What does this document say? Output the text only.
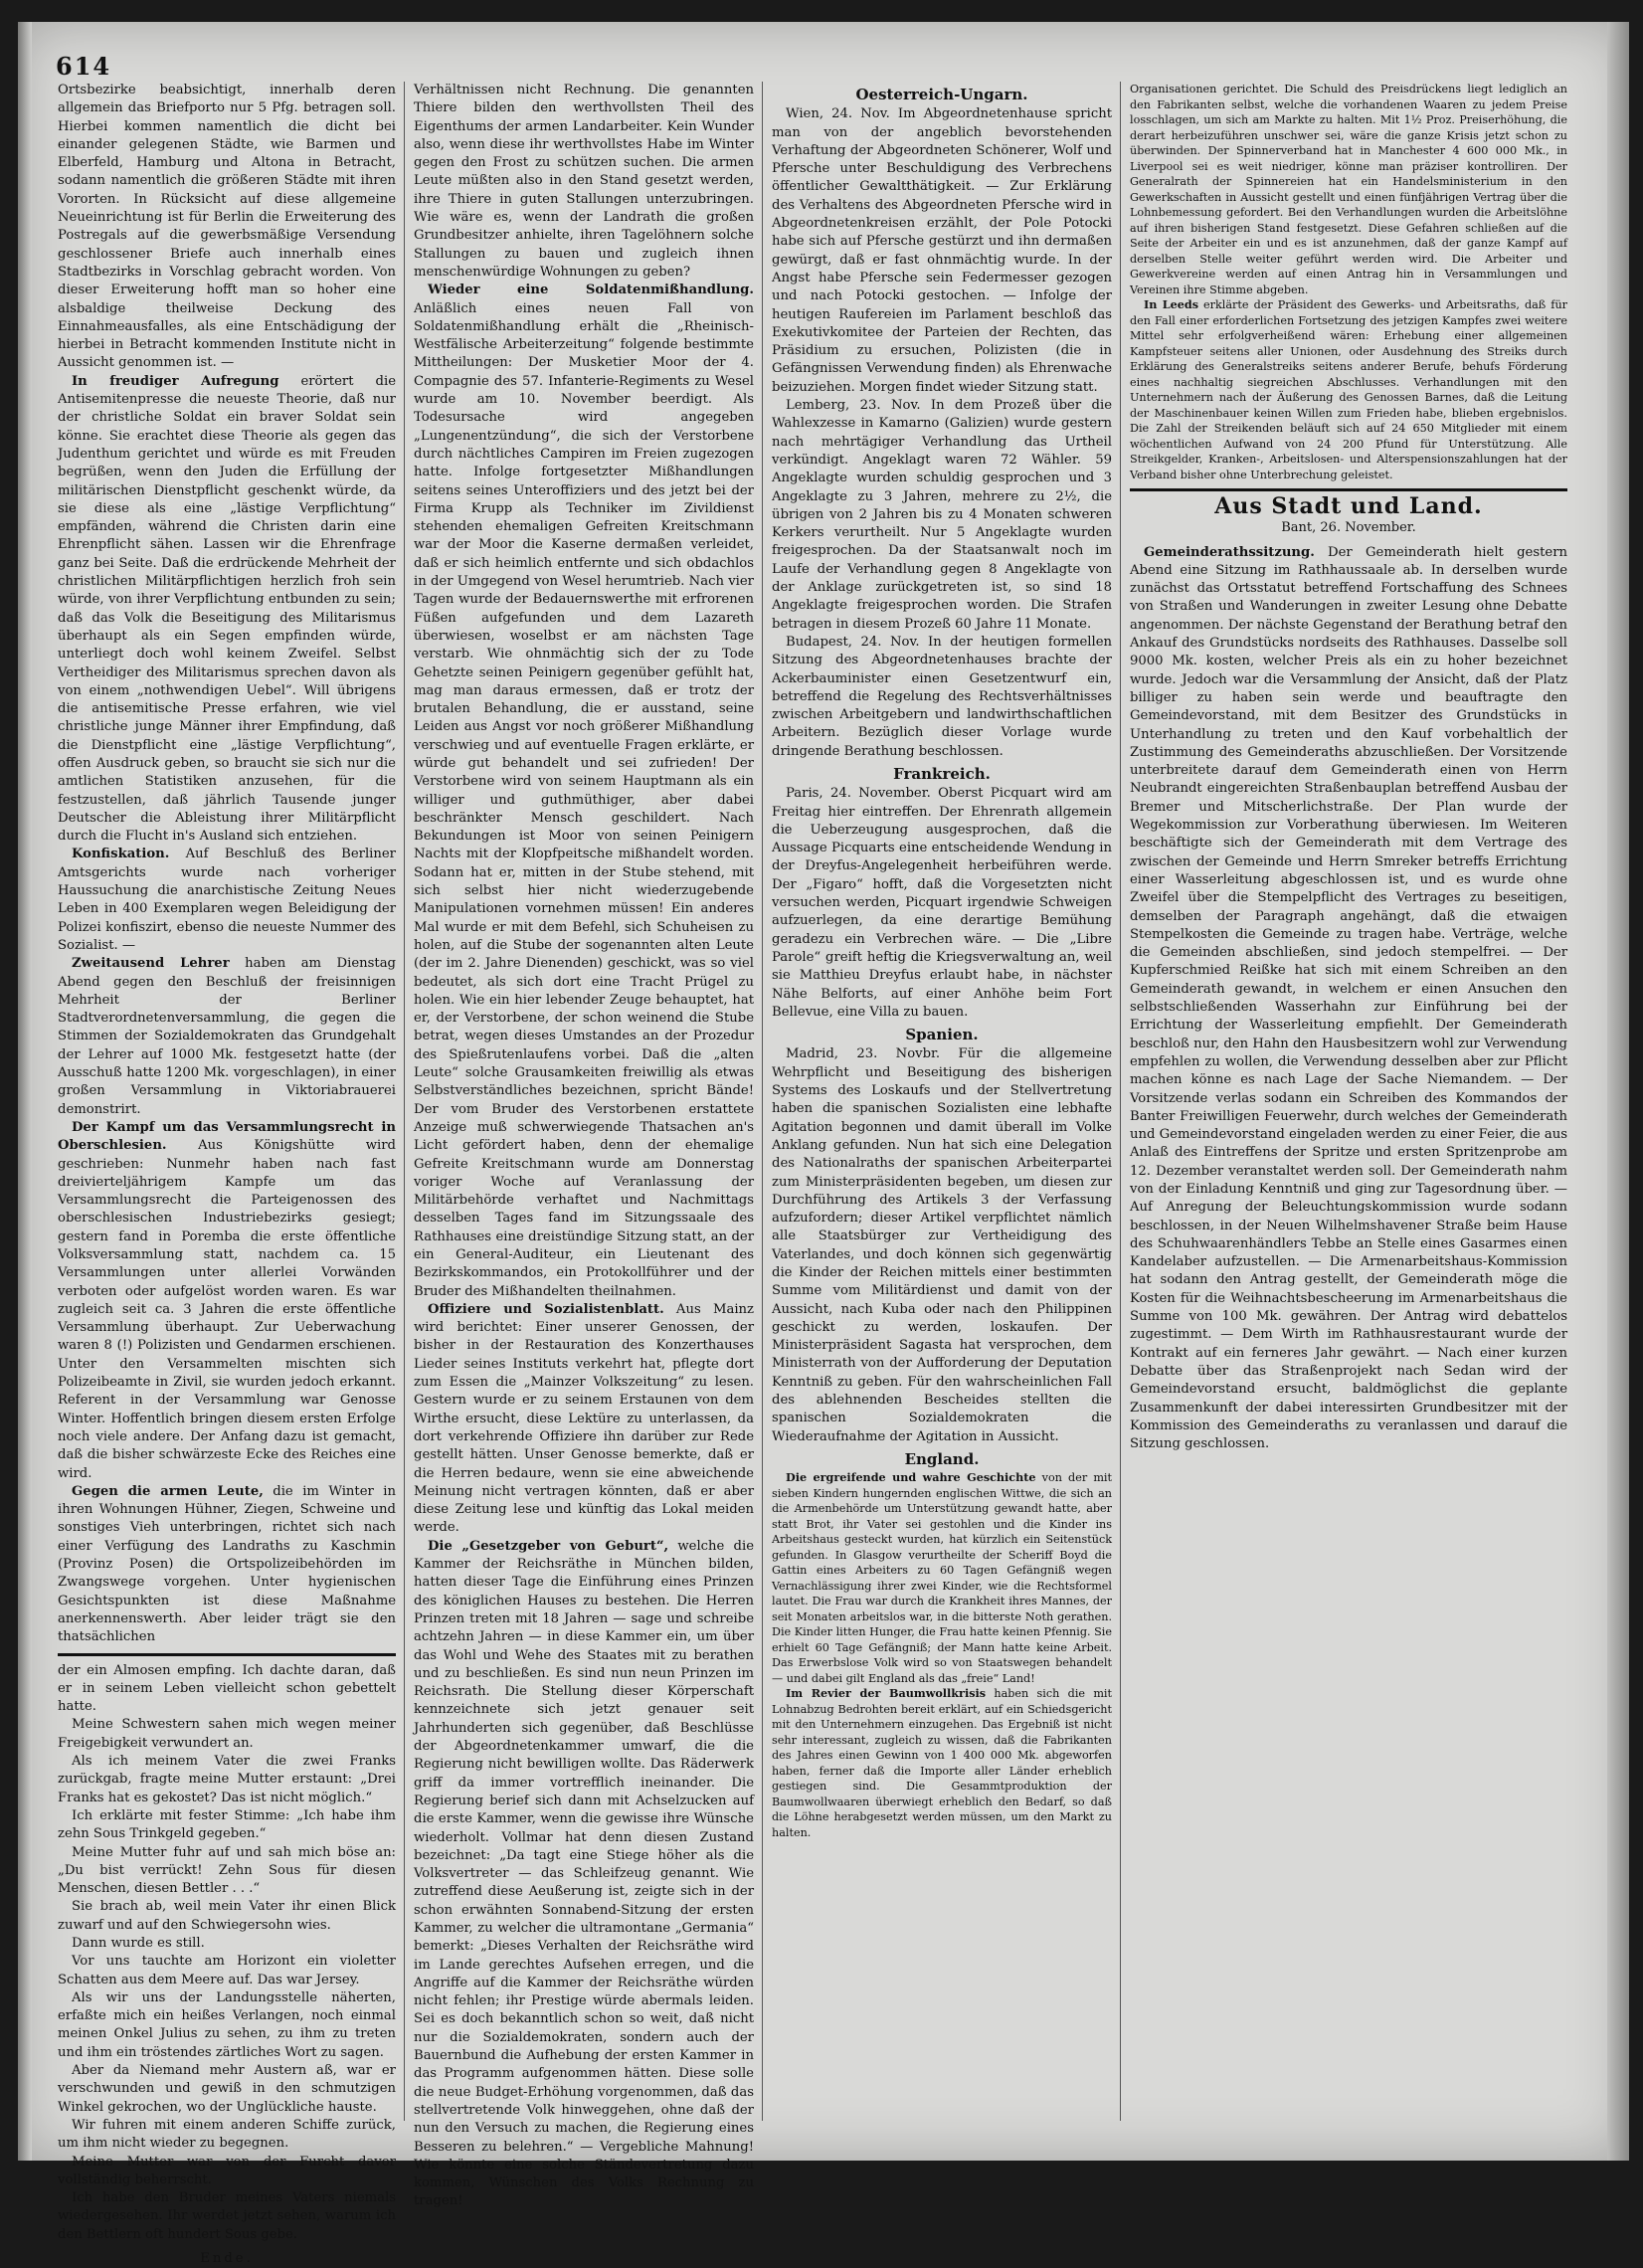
614

Ortsbezirke beabsichtigt, innerhalb deren allgemein das Briefporto nur 5 Pfg. betragen soll. Hierbei kommen namentlich die dicht bei einander gelegenen Städte, wie Barmen und Elberfeld, Hamburg und Altona in Betracht, sodann namentlich die größeren Städte mit ihren Vororten. In Rücksicht auf diese allgemeine Neueinrichtung ist für Berlin die Erweiterung des Postregals auf die gewerbsmäßige Versendung geschlossener Briefe auch innerhalb eines Stadtbezirks in Vorschlag gebracht worden. Von dieser Erweiterung hofft man so hoher eine alsbaldige theilweise Deckung des Einnahmeausfalles, als eine Entschädigung der hierbei in Betracht kommenden Institute nicht in Aussicht genommen ist. —

In freudiger Aufregung erörtert die Antisemitenpresse die neueste Theorie, daß nur der christliche Soldat ein braver Soldat sein könne. Sie erachtet diese Theorie als gegen das Judenthum gerichtet und würde es mit Freuden begrüßen, wenn den Juden die Erfüllung der militärischen Dienstpflicht geschenkt würde, da sie diese als eine „lästige Verpflichtung“ empfänden, während die Christen darin eine Ehrenpflicht sähen. Lassen wir die Ehrenfrage ganz bei Seite. Daß die erdrückende Mehrheit der christlichen Militärpflichtigen herzlich froh sein würde, von ihrer Verpflichtung entbunden zu sein; daß das Volk die Beseitigung des Militarismus überhaupt als ein Segen empfinden würde, unterliegt doch wohl keinem Zweifel. Selbst Vertheidiger des Militarismus sprechen davon als von einem „nothwendigen Uebel“. Will übrigens die antisemitische Presse erfahren, wie viel christliche junge Männer ihrer Empfindung, daß die Dienstpflicht eine „lästige Verpflichtung“, offen Ausdruck geben, so braucht sie sich nur die amtlichen Statistiken anzusehen, für die festzustellen, daß jährlich Tausende junger Deutscher die Ableistung ihrer Militärpflicht durch die Flucht in's Ausland sich entziehen.

Konfiskation. Auf Beschluß des Berliner Amtsgerichts wurde nach vorheriger Haussuchung die anarchistische Zeitung Neues Leben in 400 Exemplaren wegen Beleidigung der Polizei konfiszirt, ebenso die neueste Nummer des Sozialist. —

Zweitausend Lehrer haben am Dienstag Abend gegen den Beschluß der freisinnigen Mehrheit der Berliner Stadtverordnetenversammlung, die gegen die Stimmen der Sozialdemokraten das Grundgehalt der Lehrer auf 1000 Mk. festgesetzt hatte (der Ausschuß hatte 1200 Mk. vorgeschlagen), in einer großen Versammlung in Viktoriabrauerei demonstrirt.

Der Kampf um das Versammlungsrecht in Oberschlesien. Aus Königshütte wird geschrieben: Nunmehr haben nach fast dreivierteljährigem Kampfe um das Versammlungsrecht die Parteigenossen des oberschlesischen Industriebezirks gesiegt; gestern fand in Poremba die erste öffentliche Volksversammlung statt, nachdem ca. 15 Versammlungen unter allerlei Vorwänden verboten oder aufgelöst worden waren. Es war zugleich seit ca. 3 Jahren die erste öffentliche Versammlung überhaupt. Zur Ueberwachung waren 8 (!) Polizisten und Gendarmen erschienen. Unter den Versammelten mischten sich Polizeibeamte in Zivil, sie wurden jedoch erkannt. Referent in der Versammlung war Genosse Winter. Hoffentlich bringen diesem ersten Erfolge noch viele andere. Der Anfang dazu ist gemacht, daß die bisher schwärzeste Ecke des Reiches eine wird.

Gegen die armen Leute, die im Winter in ihren Wohnungen Hühner, Ziegen, Schweine und sonstiges Vieh unterbringen, richtet sich nach einer Verfügung des Landraths zu Kaschmin (Provinz Posen) die Ortspolizeibehörden im Zwangswege vorgehen. Unter hygienischen Gesichtspunkten ist diese Maßnahme anerkennenswerth. Aber leider trägt sie den thatsächlichen

der ein Almosen empfing. Ich dachte daran, daß er in seinem Leben vielleicht schon gebettelt hatte.

Meine Schwestern sahen mich wegen meiner Freigebigkeit verwundert an.

Als ich meinem Vater die zwei Franks zurückgab, fragte meine Mutter erstaunt: „Drei Franks hat es gekostet? Das ist nicht möglich.“

Ich erklärte mit fester Stimme: „Ich habe ihm zehn Sous Trinkgeld gegeben.“

Meine Mutter fuhr auf und sah mich böse an: „Du bist verrückt! Zehn Sous für diesen Menschen, diesen Bettler . . .“

Sie brach ab, weil mein Vater ihr einen Blick zuwarf und auf den Schwiegersohn wies.

Dann wurde es still.

Vor uns tauchte am Horizont ein violetter Schatten aus dem Meere auf. Das war Jersey.

Als wir uns der Landungsstelle näherten, erfaßte mich ein heißes Verlangen, noch einmal meinen Onkel Julius zu sehen, zu ihm zu treten und ihm ein tröstendes zärtliches Wort zu sagen.

Aber da Niemand mehr Austern aß, war er verschwunden und gewiß in den schmutzigen Winkel gekrochen, wo der Unglückliche hauste.

Wir fuhren mit einem anderen Schiffe zurück, um ihm nicht wieder zu begegnen.

Meine Mutter war von der Furcht davor vollständig beherrscht.

Ich habe den Bruder meines Vaters niemals wiedergesehen. Ihr werdet jetzt sehen, warum ich den Bettlern oft hundert Sous gebe.

Ende.

Verhältnissen nicht Rechnung. Die genannten Thiere bilden den werthvollsten Theil des Eigenthums der armen Landarbeiter. Kein Wunder also, wenn diese ihr werthvollstes Habe im Winter gegen den Frost zu schützen suchen. Die armen Leute müßten also in den Stand gesetzt werden, ihre Thiere in guten Stallungen unterzubringen. Wie wäre es, wenn der Landrath die großen Grundbesitzer anhielte, ihren Tagelöhnern solche Stallungen zu bauen und zugleich ihnen menschenwürdige Wohnungen zu geben?

Wieder eine Soldatenmißhandlung. Anläßlich eines neuen Fall von Soldatenmißhandlung erhält die „Rheinisch-Westfälische Arbeiterzeitung“ folgende bestimmte Mittheilungen: Der Musketier Moor der 4. Compagnie des 57. Infanterie-Regiments zu Wesel wurde am 10. November beerdigt. Als Todesursache wird angegeben „Lungenentzündung“, die sich der Verstorbene durch nächtliches Campiren im Freien zugezogen hatte. Infolge fortgesetzter Mißhandlungen seitens seines Unteroffiziers und des jetzt bei der Firma Krupp als Techniker im Zivildienst stehenden ehemaligen Gefreiten Kreitschmann war der Moor die Kaserne dermaßen verleidet, daß er sich heimlich entfernte und sich obdachlos in der Umgegend von Wesel herumtrieb. Nach vier Tagen wurde der Bedauernswerthe mit erfrorenen Füßen aufgefunden und dem Lazareth überwiesen, woselbst er am nächsten Tage verstarb. Wie ohnmächtig sich der zu Tode Gehetzte seinen Peinigern gegenüber gefühlt hat, mag man daraus ermessen, daß er trotz der brutalen Behandlung, die er ausstand, seine Leiden aus Angst vor noch größerer Mißhandlung verschwieg und auf eventuelle Fragen erklärte, er würde gut behandelt und sei zufrieden! Der Verstorbene wird von seinem Hauptmann als ein williger und guthmüthiger, aber dabei beschränkter Mensch geschildert. Nach Bekundungen ist Moor von seinen Peinigern Nachts mit der Klopfpeitsche mißhandelt worden. Sodann hat er, mitten in der Stube stehend, mit sich selbst hier nicht wiederzugebende Manipulationen vornehmen müssen! Ein anderes Mal wurde er mit dem Befehl, sich Schuheisen zu holen, auf die Stube der sogenannten alten Leute (der im 2. Jahre Dienenden) geschickt, was so viel bedeutet, als sich dort eine Tracht Prügel zu holen. Wie ein hier lebender Zeuge behauptet, hat er, der Verstorbene, der schon weinend die Stube betrat, wegen dieses Umstandes an der Prozedur des Spießrutenlaufens vorbei. Daß die „alten Leute“ solche Grausamkeiten freiwillig als etwas Selbstverständliches bezeichnen, spricht Bände! Der vom Bruder des Verstorbenen erstattete Anzeige muß schwerwiegende Thatsachen an's Licht gefördert haben, denn der ehemalige Gefreite Kreitschmann wurde am Donnerstag voriger Woche auf Veranlassung der Militärbehörde verhaftet und Nachmittags desselben Tages fand im Sitzungssaale des Rathhauses eine dreistündige Sitzung statt, an der ein General-Auditeur, ein Lieutenant des Bezirkskommandos, ein Protokollführer und der Bruder des Mißhandelten theilnahmen.

Offiziere und Sozialistenblatt. Aus Mainz wird berichtet: Einer unserer Genossen, der bisher in der Restauration des Konzerthauses Lieder seines Instituts verkehrt hat, pflegte dort zum Essen die „Mainzer Volkszeitung“ zu lesen. Gestern wurde er zu seinem Erstaunen von dem Wirthe ersucht, diese Lektüre zu unterlassen, da dort verkehrende Offiziere ihn darüber zur Rede gestellt hätten. Unser Genosse bemerkte, daß er die Herren bedaure, wenn sie eine abweichende Meinung nicht vertragen könnten, daß er aber diese Zeitung lese und künftig das Lokal meiden werde.

Die „Gesetzgeber von Geburt“, welche die Kammer der Reichsräthe in München bilden, hatten dieser Tage die Einführung eines Prinzen des königlichen Hauses zu bestehen. Die Herren Prinzen treten mit 18 Jahren — sage und schreibe achtzehn Jahren — in diese Kammer ein, um über das Wohl und Wehe des Staates mit zu berathen und zu beschließen. Es sind nun neun Prinzen im Reichsrath. Die Stellung dieser Körperschaft kennzeichnete sich jetzt genauer seit Jahrhunderten sich gegenüber, daß Beschlüsse der Abgeordnetenkammer umwarf, die die Regierung nicht bewilligen wollte. Das Räderwerk griff da immer vortrefflich ineinander. Die Regierung berief sich dann mit Achselzucken auf die erste Kammer, wenn die gewisse ihre Wünsche wiederholt. Vollmar hat denn diesen Zustand bezeichnet: „Da tagt eine Stiege höher als die Volksvertreter — das Schleifzeug genannt. Wie zutreffend diese Aeußerung ist, zeigte sich in der schon erwähnten Sonnabend-Sitzung der ersten Kammer, zu welcher die ultramontane „Germania“ bemerkt: „Dieses Verhalten der Reichsräthe wird im Lande gerechtes Aufsehen erregen, und die Angriffe auf die Kammer der Reichsräthe würden nicht fehlen; ihr Prestige würde abermals leiden. Sei es doch bekanntlich schon so weit, daß nicht nur die Sozialdemokraten, sondern auch der Bauernbund die Aufhebung der ersten Kammer in das Programm aufgenommen hätten. Diese solle die neue Budget-Erhöhung vorgenommen, daß das stellvertretende Volk hinweggehen, ohne daß der nun den Versuch zu machen, die Regierung eines Besseren zu belehren.“ — Vergebliche Mahnung! Wie könnte eine solche Ständevertretung dazu kommen, Wünschen des Volks Rechnung zu tragen!

Oesterreich-Ungarn.

Wien, 24. Nov. Im Abgeordnetenhause spricht man von der angeblich bevorstehenden Verhaftung der Abgeordneten Schönerer, Wolf und Pfersche unter Beschuldigung des Verbrechens öffentlicher Gewaltthätigkeit. — Zur Erklärung des Verhaltens des Abgeordneten Pfersche wird in Abgeordnetenkreisen erzählt, der Pole Potocki habe sich auf Pfersche gestürzt und ihn dermaßen gewürgt, daß er fast ohnmächtig wurde. In der Angst habe Pfersche sein Federmesser gezogen und nach Potocki gestochen. — Infolge der heutigen Raufereien im Parlament beschloß das Exekutivkomitee der Parteien der Rechten, das Präsidium zu ersuchen, Polizisten (die in Gefängnissen Verwendung finden) als Ehrenwache beizuziehen. Morgen findet wieder Sitzung statt.

Lemberg, 23. Nov. In dem Prozeß über die Wahlexzesse in Kamarno (Galizien) wurde gestern nach mehrtägiger Verhandlung das Urtheil verkündigt. Angeklagt waren 72 Wähler. 59 Angeklagte wurden schuldig gesprochen und 3 Angeklagte zu 3 Jahren, mehrere zu 2½, die übrigen von 2 Jahren bis zu 4 Monaten schweren Kerkers verurtheilt. Nur 5 Angeklagte wurden freigesprochen. Da der Staatsanwalt noch im Laufe der Verhandlung gegen 8 Angeklagte von der Anklage zurückgetreten ist, so sind 18 Angeklagte freigesprochen worden. Die Strafen betragen in diesem Prozeß 60 Jahre 11 Monate.

Budapest, 24. Nov. In der heutigen formellen Sitzung des Abgeordnetenhauses brachte der Ackerbauminister einen Gesetzentwurf ein, betreffend die Regelung des Rechtsverhältnisses zwischen Arbeitgebern und landwirthschaftlichen Arbeitern. Bezüglich dieser Vorlage wurde dringende Berathung beschlossen.

Frankreich.

Paris, 24. November. Oberst Picquart wird am Freitag hier eintreffen. Der Ehrenrath allgemein die Ueberzeugung ausgesprochen, daß die Aussage Picquarts eine entscheidende Wendung in der Dreyfus-Angelegenheit herbeiführen werde. Der „Figaro“ hofft, daß die Vorgesetzten nicht versuchen werden, Picquart irgendwie Schweigen aufzuerlegen, da eine derartige Bemühung geradezu ein Verbrechen wäre. — Die „Libre Parole“ greift heftig die Kriegsverwaltung an, weil sie Matthieu Dreyfus erlaubt habe, in nächster Nähe Belforts, auf einer Anhöhe beim Fort Bellevue, eine Villa zu bauen.

Spanien.

Madrid, 23. Novbr. Für die allgemeine Wehrpflicht und Beseitigung des bisherigen Systems des Loskaufs und der Stellvertretung haben die spanischen Sozialisten eine lebhafte Agitation begonnen und damit überall im Volke Anklang gefunden. Nun hat sich eine Delegation des Nationalraths der spanischen Arbeiterpartei zum Ministerpräsidenten begeben, um diesen zur Durchführung des Artikels 3 der Verfassung aufzufordern; dieser Artikel verpflichtet nämlich alle Staatsbürger zur Vertheidigung des Vaterlandes, und doch können sich gegenwärtig die Kinder der Reichen mittels einer bestimmten Summe vom Militärdienst und damit von der Aussicht, nach Kuba oder nach den Philippinen geschickt zu werden, loskaufen. Der Ministerpräsident Sagasta hat versprochen, dem Ministerrath von der Aufforderung der Deputation Kenntniß zu geben. Für den wahrscheinlichen Fall des ablehnenden Bescheides stellten die spanischen Sozialdemokraten die Wiederaufnahme der Agitation in Aussicht.

England.

Die ergreifende und wahre Geschichte von der mit sieben Kindern hungernden englischen Wittwe, die sich an die Armenbehörde um Unterstützung gewandt hatte, aber statt Brot, ihr Vater sei gestohlen und die Kinder ins Arbeitshaus gesteckt wurden, hat kürzlich ein Seitenstück gefunden. In Glasgow verurtheilte der Scheriff Boyd die Gattin eines Arbeiters zu 60 Tagen Gefängniß wegen Vernachlässigung ihrer zwei Kinder, wie die Rechtsformel lautet. Die Frau war durch die Krankheit ihres Mannes, der seit Monaten arbeitslos war, in die bitterste Noth gerathen. Die Kinder litten Hunger, die Frau hatte keinen Pfennig. Sie erhielt 60 Tage Gefängniß; der Mann hatte keine Arbeit. Das Erwerbslose Volk wird so von Staatswegen behandelt — und dabei gilt England als das „freie“ Land!

Im Revier der Baumwollkrisis haben sich die mit Lohnabzug Bedrohten bereit erklärt, auf ein Schiedsgericht mit den Unternehmern einzugehen. Das Ergebniß ist nicht sehr interessant, zugleich zu wissen, daß die Fabrikanten des Jahres einen Gewinn von 1 400 000 Mk. abgeworfen haben, ferner daß die Importe aller Länder erheblich gestiegen sind. Die Gesammtproduktion der Baumwollwaaren überwiegt erheblich den Bedarf, so daß die Löhne herabgesetzt werden müssen, um den Markt zu halten.

Organisationen gerichtet. Die Schuld des Preisdrückens liegt lediglich an den Fabrikanten selbst, welche die vorhandenen Waaren zu jedem Preise losschlagen, um sich am Markte zu halten. Mit 1½ Proz. Preiserhöhung, die derart herbeizuführen unschwer sei, wäre die ganze Krisis jetzt schon zu überwinden. Der Spinnerverband hat in Manchester 4 600 000 Mk., in Liverpool sei es weit niedriger, könne man präziser kontrolliren. Der Generalrath der Spinnereien hat ein Handelsministerium in den Gewerkschaften in Aussicht gestellt und einen fünfjährigen Vertrag über die Lohnbemessung gefordert. Bei den Verhandlungen wurden die Arbeitslöhne auf ihren bisherigen Stand festgesetzt. Diese Gefahren schließen auf die Seite der Arbeiter ein und es ist anzunehmen, daß der ganze Kampf auf derselben Stelle weiter geführt werden wird. Die Arbeiter und Gewerkvereine werden auf einen Antrag hin in Versammlungen und Vereinen ihre Stimme abgeben.

In Leeds erklärte der Präsident des Gewerks- und Arbeitsraths, daß für den Fall einer erforderlichen Fortsetzung des jetzigen Kampfes zwei weitere Mittel sehr erfolgverheißend wären: Erhebung einer allgemeinen Kampfsteuer seitens aller Unionen, oder Ausdehnung des Streiks durch Erklärung des Generalstreiks seitens anderer Berufe, behufs Förderung eines nachhaltig siegreichen Abschlusses. Verhandlungen mit den Unternehmern nach der Äußerung des Genossen Barnes, daß die Leitung der Maschinenbauer keinen Willen zum Frieden habe, blieben ergebnislos. Die Zahl der Streikenden beläuft sich auf 24 650 Mitglieder mit einem wöchentlichen Aufwand von 24 200 Pfund für Unterstützung. Alle Streikgelder, Kranken-, Arbeitslosen- und Alterspensionszahlungen hat der Verband bisher ohne Unterbrechung geleistet.

Aus Stadt und Land.
Bant, 26. November.

Gemeinderathssitzung. Der Gemeinderath hielt gestern Abend eine Sitzung im Rathhaussaale ab. In derselben wurde zunächst das Ortsstatut betreffend Fortschaffung des Schnees von Straßen und Wanderungen in zweiter Lesung ohne Debatte angenommen. Der nächste Gegenstand der Berathung betraf den Ankauf des Grundstücks nordseits des Rathhauses. Dasselbe soll 9000 Mk. kosten, welcher Preis als ein zu hoher bezeichnet wurde. Jedoch war die Versammlung der Ansicht, daß der Platz billiger zu haben sein werde und beauftragte den Gemeindevorstand, mit dem Besitzer des Grundstücks in Unterhandlung zu treten und den Kauf vorbehaltlich der Zustimmung des Gemeinderaths abzuschließen. Der Vorsitzende unterbreitete darauf dem Gemeinderath einen von Herrn Neubrandt eingereichten Straßenbauplan betreffend Ausbau der Bremer und Mitscherlichstraße. Der Plan wurde der Wegekommission zur Vorberathung überwiesen. Im Weiteren beschäftigte sich der Gemeinderath mit dem Vertrage des zwischen der Gemeinde und Herrn Smreker betreffs Errichtung einer Wasserleitung abgeschlossen ist, und es wurde ohne Zweifel über die Stempelpflicht des Vertrages zu beseitigen, demselben der Paragraph angehängt, daß die etwaigen Stempelkosten die Gemeinde zu tragen habe. Verträge, welche die Gemeinden abschließen, sind jedoch stempelfrei. — Der Kupferschmied Reißke hat sich mit einem Schreiben an den Gemeinderath gewandt, in welchem er einen Ansuchen den selbstschließenden Wasserhahn zur Einführung bei der Errichtung der Wasserleitung empfiehlt. Der Gemeinderath beschloß nur, den Hahn den Hausbesitzern wohl zur Verwendung empfehlen zu wollen, die Verwendung desselben aber zur Pflicht machen könne es nach Lage der Sache Niemandem. — Der Vorsitzende verlas sodann ein Schreiben des Kommandos der Banter Freiwilligen Feuerwehr, durch welches der Gemeinderath und Gemeindevorstand eingeladen werden zu einer Feier, die aus Anlaß des Eintreffens der Spritze und ersten Spritzenprobe am 12. Dezember veranstaltet werden soll. Der Gemeinderath nahm von der Einladung Kenntniß und ging zur Tagesordnung über. — Auf Anregung der Beleuchtungskommission wurde sodann beschlossen, in der Neuen Wilhelmshavener Straße beim Hause des Schuhwaarenhändlers Tebbe an Stelle eines Gasarmes einen Kandelaber aufzustellen. — Die Armenarbeitshaus-Kommission hat sodann den Antrag gestellt, der Gemeinderath möge die Kosten für die Weihnachtsbescheerung im Armenarbeitshaus die Summe von 100 Mk. gewähren. Der Antrag wird debattelos zugestimmt. — Dem Wirth im Rathhausrestaurant wurde der Kontrakt auf ein ferneres Jahr gewährt. — Nach einer kurzen Debatte über das Straßenprojekt nach Sedan wird der Gemeindevorstand ersucht, baldmöglichst die geplante Zusammenkunft der dabei interessirten Grundbesitzer mit der Kommission des Gemeinderaths zu veranlassen und darauf die Sitzung geschlossen.
